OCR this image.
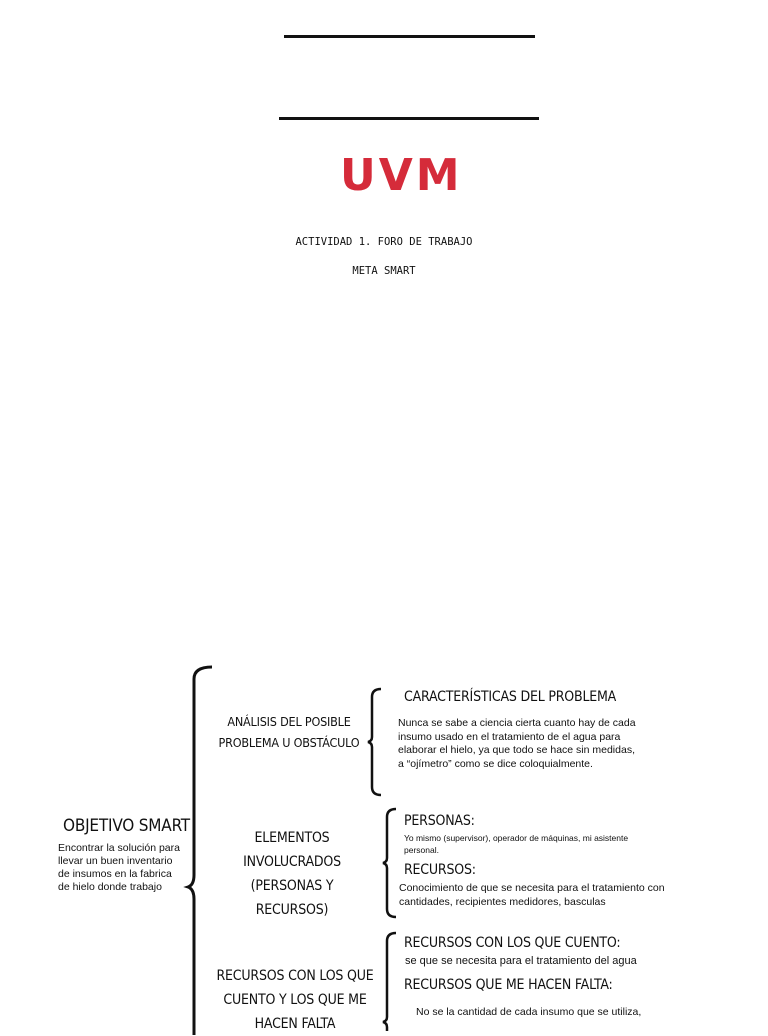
UVM
ACTIVIDAD 1. FORO DE TRABAJO
META SMART
OBJETIVO SMART
Encontrar la solución para
llevar un buen inventario
de insumos en la fabrica
de hielo donde trabajo
ANÁLISIS DEL POSIBLE
PROBLEMA U OBSTÁCULO
CARACTERÍSTICAS DEL PROBLEMA
Nunca se sabe a ciencia cierta cuanto hay de cada
insumo usado en el tratamiento de el agua para
elaborar el hielo, ya que todo se hace sin medidas,
a “ojímetro” como se dice coloquialmente.
ELEMENTOS
INVOLUCRADOS
(PERSONAS Y RECURSOS)
PERSONAS:
Yo mismo (supervisor), operador de máquinas, mi asistente
personal.
RECURSOS:
Conocimiento de que se necesita para el tratamiento con
cantidades, recipientes medidores, basculas
RECURSOS CON LOS QUE
CUENTO Y LOS QUE ME
HACEN FALTA
RECURSOS CON LOS QUE CUENTO:
se que se necesita para el tratamiento del agua
RECURSOS QUE ME HACEN FALTA:
No se la cantidad de cada insumo que se utiliza,
